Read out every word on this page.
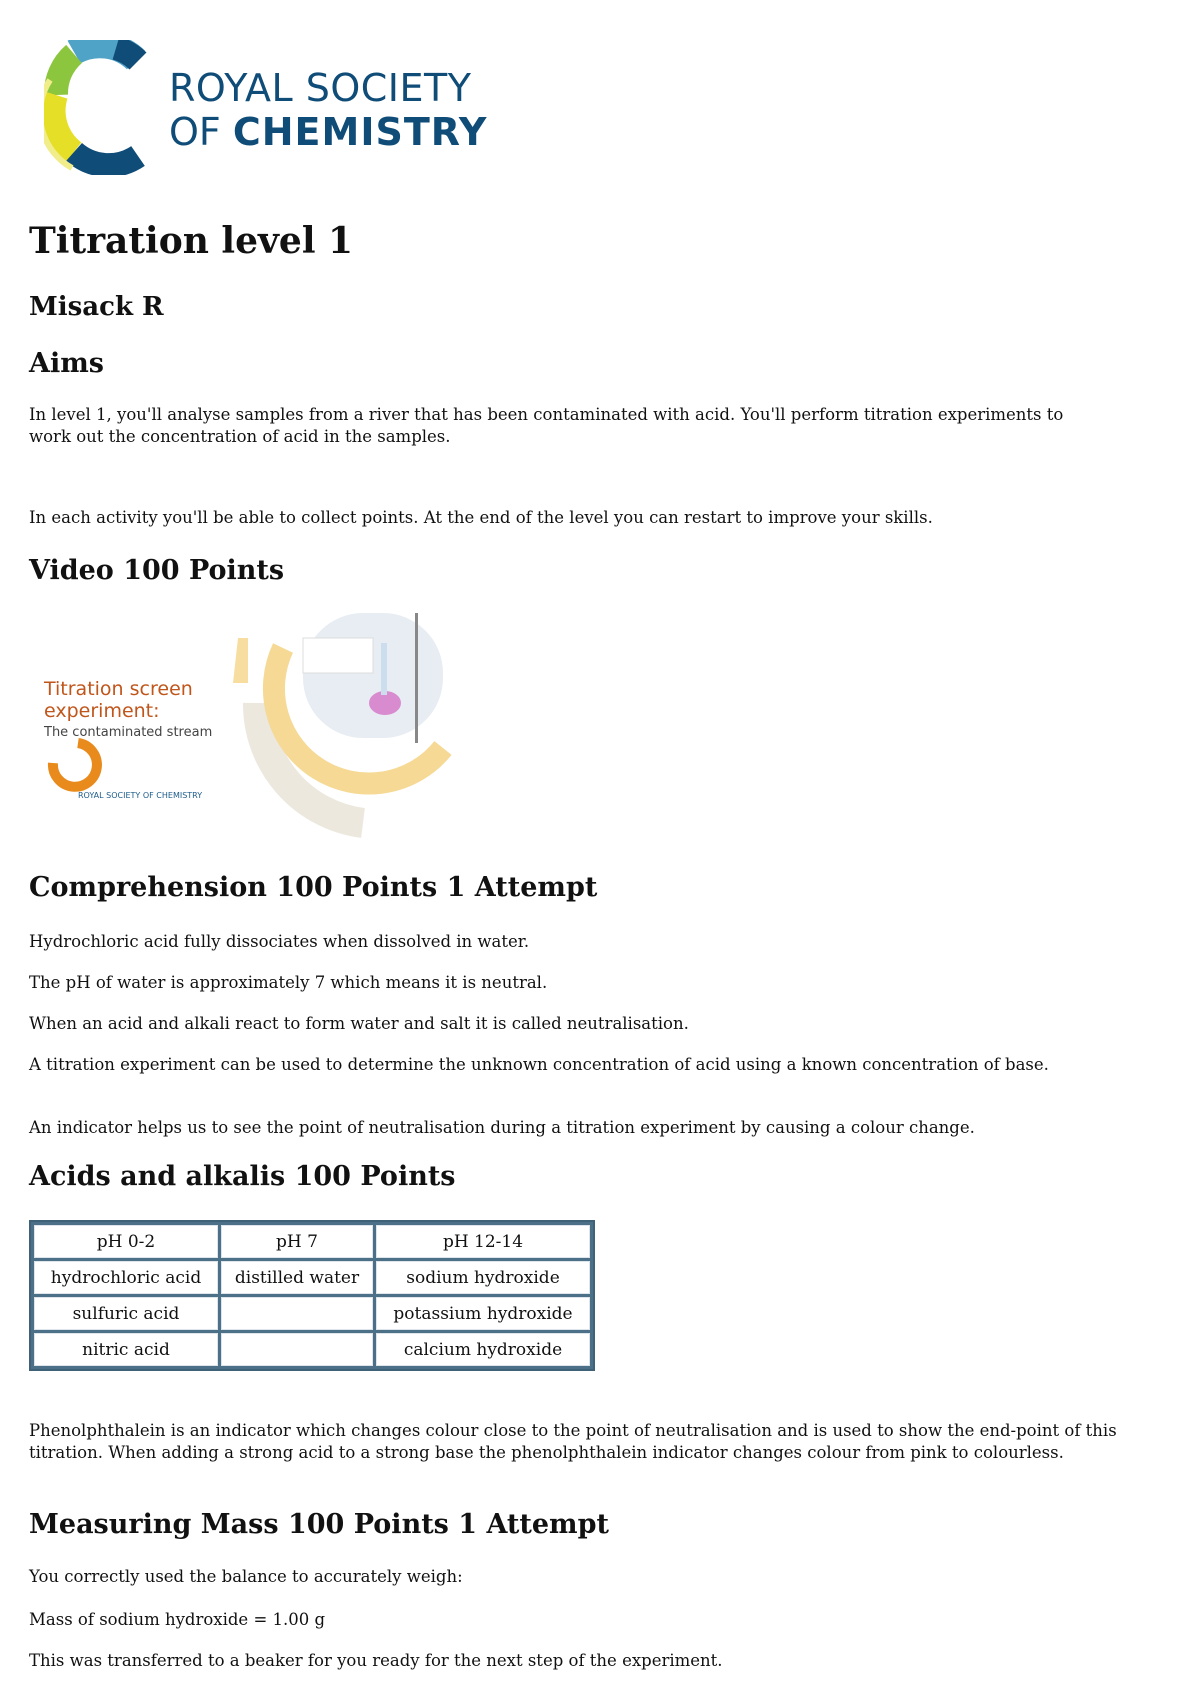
ROYAL SOCIETY
OF CHEMISTRY
Titration level 1
Misack R
Aims

In level 1, you'll analyse samples from a river that has been contaminated with acid. You'll perform titration experiments to work out the concentration of acid in the samples.

In each activity you'll be able to collect points. At the end of the level you can restart to improve your skills.

Video 100 Points
ROYAL SOCIETY OF CHEMISTRY
Titration screen experiment:
The contaminated stream
Comprehension 100 Points 1 Attempt

Hydrochloric acid fully dissociates when dissolved in water.

The pH of water is approximately 7 which means it is neutral.

When an acid and alkali react to form water and salt it is called neutralisation.

A titration experiment can be used to determine the unknown concentration of acid using a known concentration of base.

An indicator helps us to see the point of neutralisation during a titration experiment by causing a colour change.

Acids and alkalis 100 Points
pH 0-2	pH 7	pH 12-14
hydrochloric acid	distilled water	sodium hydroxide
sulfuric acid		potassium hydroxide
nitric acid		calcium hydroxide

Phenolphthalein is an indicator which changes colour close to the point of neutralisation and is used to show the end-point of this titration. When adding a strong acid to a strong base the phenolphthalein indicator changes colour from pink to colourless.

Measuring Mass 100 Points 1 Attempt

You correctly used the balance to accurately weigh:

Mass of sodium hydroxide = 1.00 g

This was transferred to a beaker for you ready for the next step of the experiment.
